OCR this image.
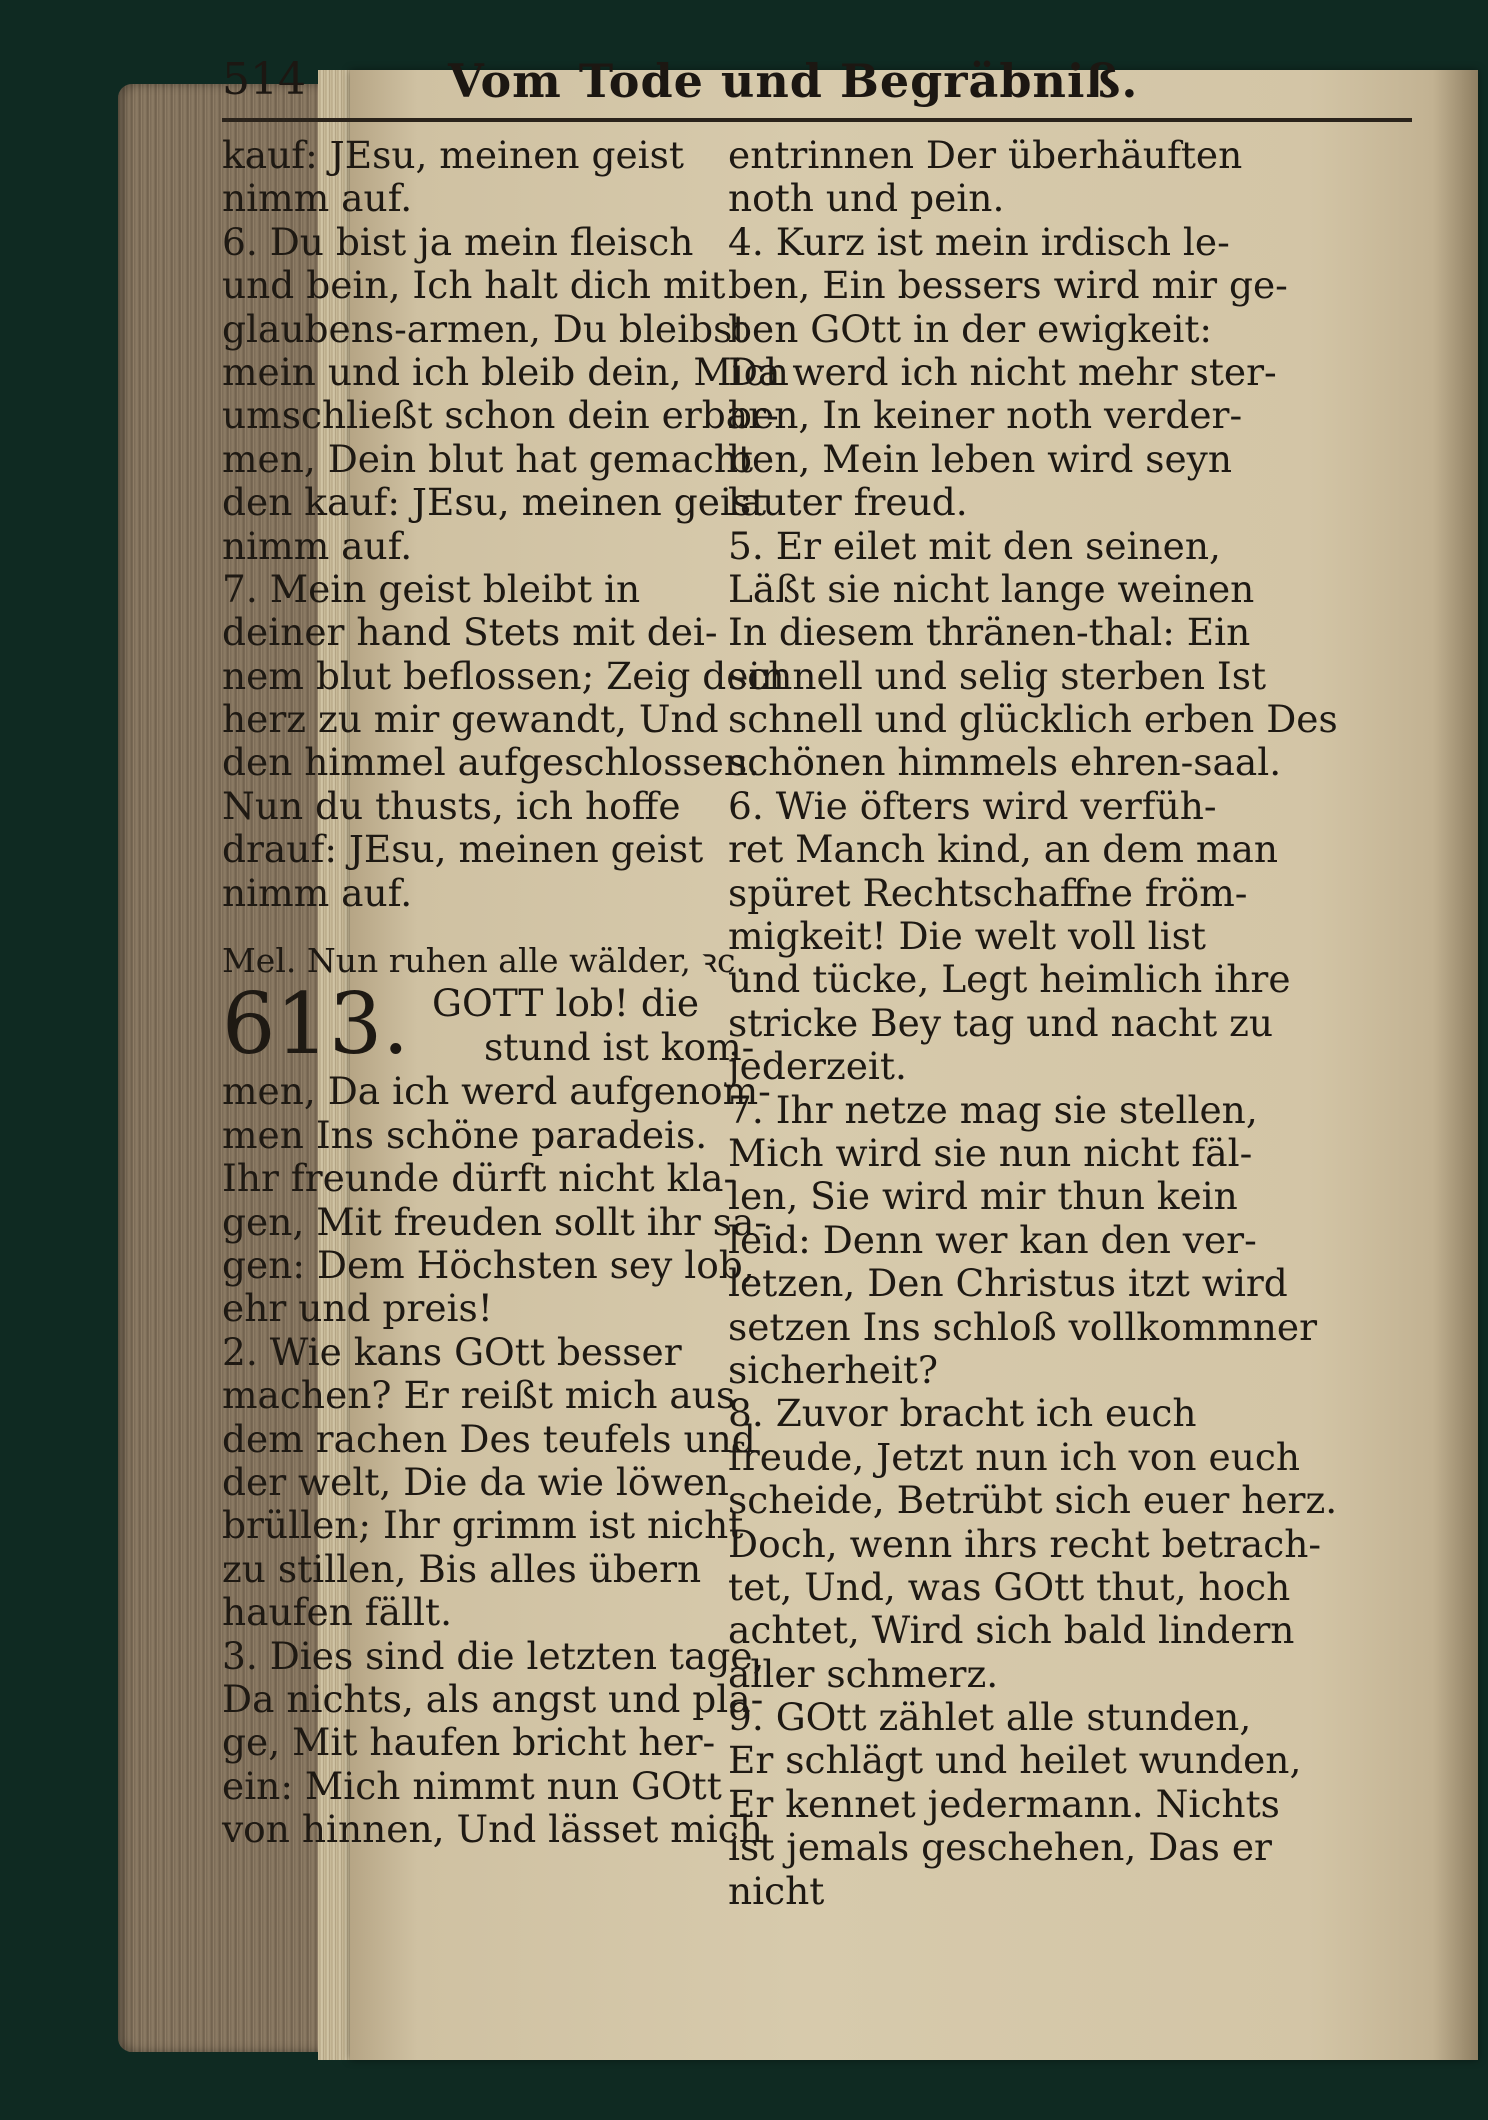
514	Vom Tode und Begräbniß.
kauf: JEsu, meinen geist
nimm auf.
6. Du bist ja mein fleisch
und bein, Ich halt dich mit
glaubens-armen, Du bleibst
mein und ich bleib dein, Mich
umschließt schon dein erbar-
men, Dein blut hat gemacht
den kauf: JEsu, meinen geist
nimm auf.
7. Mein geist bleibt in
deiner hand Stets mit dei-
nem blut beflossen; Zeig dein
herz zu mir gewandt, Und
den himmel aufgeschlossen.
Nun du thusts, ich hoffe
drauf: JEsu, meinen geist
nimm auf.
Mel. Nun ruhen alle wälder, ꝛc.
613. GOTT lob! die
stund ist kom-
men, Da ich werd aufgenom-
men Ins schöne paradeis.
Ihr freunde dürft nicht kla-
gen, Mit freuden sollt ihr sa-
gen: Dem Höchsten sey lob,
ehr und preis!
2. Wie kans GOtt besser
machen? Er reißt mich aus
dem rachen Des teufels und
der welt, Die da wie löwen
brüllen; Ihr grimm ist nicht
zu stillen, Bis alles übern
haufen fällt.
3. Dies sind die letzten tage,
Da nichts, als angst und pla-
ge, Mit haufen bricht her-
ein: Mich nimmt nun GOtt
von hinnen, Und lässet mich
entrinnen Der überhäuften
noth und pein.
4. Kurz ist mein irdisch le-
ben, Ein bessers wird mir ge-
ben GOtt in der ewigkeit:
Da werd ich nicht mehr ster-
ben, In keiner noth verder-
ben, Mein leben wird seyn
lauter freud.
5. Er eilet mit den seinen,
Läßt sie nicht lange weinen
In diesem thränen-thal: Ein
schnell und selig sterben Ist
schnell und glücklich erben Des
schönen himmels ehren-saal.
6. Wie öfters wird verfüh-
ret Manch kind, an dem man
spüret Rechtschaffne fröm-
migkeit! Die welt voll list
und tücke, Legt heimlich ihre
stricke Bey tag und nacht zu
jederzeit.
7. Ihr netze mag sie stellen,
Mich wird sie nun nicht fäl-
len, Sie wird mir thun kein
leid: Denn wer kan den ver-
letzen, Den Christus itzt wird
setzen Ins schloß vollkommner
sicherheit?
8. Zuvor bracht ich euch
freude, Jetzt nun ich von euch
scheide, Betrübt sich euer herz.
Doch, wenn ihrs recht betrach-
tet, Und, was GOtt thut, hoch
achtet, Wird sich bald lindern
aller schmerz.
9. GOtt zählet alle stunden,
Er schlägt und heilet wunden,
Er kennet jedermann. Nichts
ist jemals geschehen, Das er
nicht
